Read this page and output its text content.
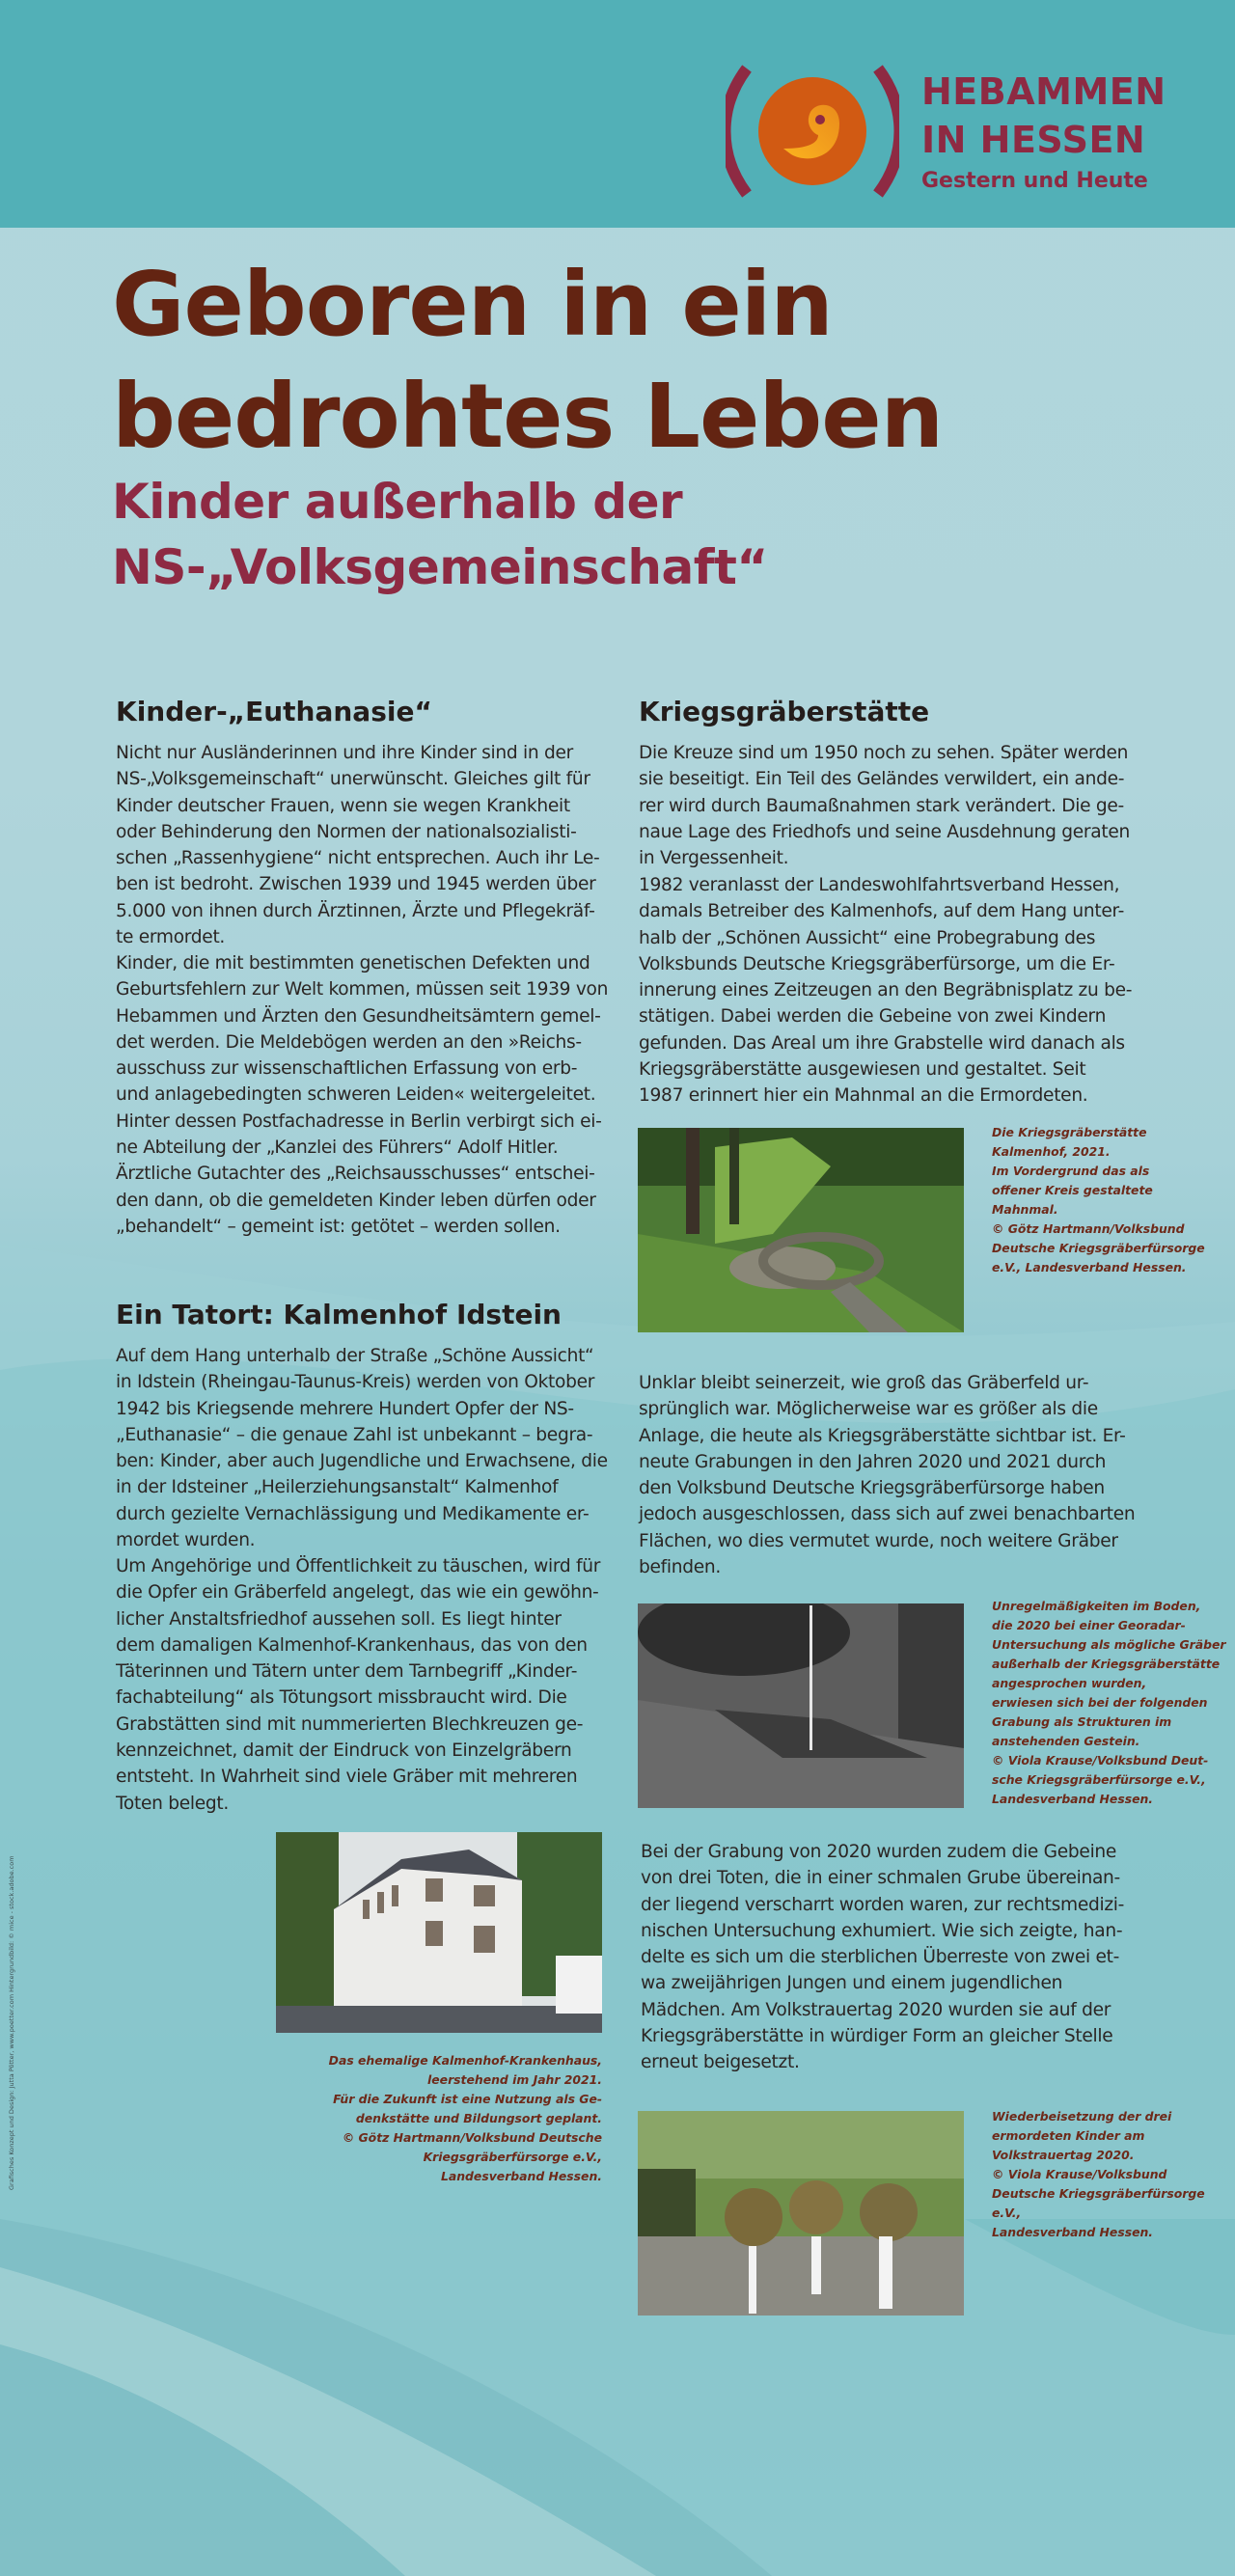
HEBAMMEN
IN HESSEN
Gestern und Heute
Geboren in ein
bedrohtes Leben
Kinder außerhalb der
NS-„Volksgemeinschaft“
Kinder-„Euthanasie“

Nicht nur Ausländerinnen und ihre Kinder sind in der
NS-„Volksgemeinschaft“ unerwünscht. Gleiches gilt für
Kinder deutscher Frauen, wenn sie wegen Krankheit
oder Behinderung den Normen der nationalsozialisti-
schen „Rassenhygiene“ nicht entsprechen. Auch ihr Le-
ben ist bedroht. Zwischen 1939 und 1945 werden über
5.000 von ihnen durch Ärztinnen, Ärzte und Pflegekräf-
te ermordet.

Kinder, die mit bestimmten genetischen Defekten und
Geburtsfehlern zur Welt kommen, müssen seit 1939 von
Hebammen und Ärzten den Gesundheitsämtern gemel-
det werden. Die Meldebögen werden an den »Reichs-
ausschuss zur wissenschaftlichen Erfassung von erb-
und anlagebedingten schweren Leiden« weitergeleitet.
Hinter dessen Postfachadresse in Berlin verbirgt sich ei-
ne Abteilung der „Kanzlei des Führers“ Adolf Hitler.
Ärztliche Gutachter des „Reichsausschusses“ entschei-
den dann, ob die gemeldeten Kinder leben dürfen oder
„behandelt“ – gemeint ist: getötet – werden sollen.

Ein Tatort: Kalmenhof Idstein

Auf dem Hang unterhalb der Straße „Schöne Aussicht“
in Idstein (Rheingau-Taunus-Kreis) werden von Oktober
1942 bis Kriegsende mehrere Hundert Opfer der NS-
„Euthanasie“ – die genaue Zahl ist unbekannt – begra-
ben: Kinder, aber auch Jugendliche und Erwachsene, die
in der Idsteiner „Heilerziehungsanstalt“ Kalmenhof
durch gezielte Vernachlässigung und Medikamente er-
mordet wurden.

Um Angehörige und Öffentlichkeit zu täuschen, wird für
die Opfer ein Gräberfeld angelegt, das wie ein gewöhn-
licher Anstaltsfriedhof aussehen soll. Es liegt hinter
dem damaligen Kalmenhof-Krankenhaus, das von den
Täterinnen und Tätern unter dem Tarnbegriff „Kinder-
fachabteilung“ als Tötungsort missbraucht wird. Die
Grabstätten sind mit nummerierten Blechkreuzen ge-
kennzeichnet, damit der Eindruck von Einzelgräbern
entsteht. In Wahrheit sind viele Gräber mit mehreren
Toten belegt.

Das ehemalige Kalmenhof-Krankenhaus,
leerstehend im Jahr 2021.
Für die Zukunft ist eine Nutzung als Ge-
denkstätte und Bildungsort geplant.
© Götz Hartmann/Volksbund Deutsche
Kriegsgräberfürsorge e.V.,
Landesverband Hessen.

Kriegsgräberstätte

Die Kreuze sind um 1950 noch zu sehen. Später werden
sie beseitigt. Ein Teil des Geländes verwildert, ein ande-
rer wird durch Baumaßnahmen stark verändert. Die ge-
naue Lage des Friedhofs und seine Ausdehnung geraten
in Vergessenheit.

1982 veranlasst der Landeswohlfahrtsverband Hessen,
damals Betreiber des Kalmenhofs, auf dem Hang unter-
halb der „Schönen Aussicht“ eine Probegrabung des
Volksbunds Deutsche Kriegsgräberfürsorge, um die Er-
innerung eines Zeitzeugen an den Begräbnisplatz zu be-
stätigen. Dabei werden die Gebeine von zwei Kindern
gefunden. Das Areal um ihre Grabstelle wird danach als
Kriegsgräberstätte ausgewiesen und gestaltet. Seit
1987 erinnert hier ein Mahnmal an die Ermordeten.

Die Kriegsgräberstätte
Kalmenhof, 2021.
Im Vordergrund das als
offener Kreis gestaltete
Mahnmal.
© Götz Hartmann/Volksbund
Deutsche Kriegsgräberfürsorge
e.V., Landesverband Hessen.

Unklar bleibt seinerzeit, wie groß das Gräberfeld ur-
sprünglich war. Möglicherweise war es größer als die
Anlage, die heute als Kriegsgräberstätte sichtbar ist. Er-
neute Grabungen in den Jahren 2020 und 2021 durch
den Volksbund Deutsche Kriegsgräberfürsorge haben
jedoch ausgeschlossen, dass sich auf zwei benachbarten
Flächen, wo dies vermutet wurde, noch weitere Gräber
befinden.

Unregelmäßigkeiten im Boden,
die 2020 bei einer Georadar-
Untersuchung als mögliche Gräber
außerhalb der Kriegsgräberstätte
angesprochen wurden,
erwiesen sich bei der folgenden
Grabung als Strukturen im
anstehenden Gestein.
© Viola Krause/Volksbund Deut-
sche Kriegsgräberfürsorge e.V.,
Landesverband Hessen.

Bei der Grabung von 2020 wurden zudem die Gebeine
von drei Toten, die in einer schmalen Grube übereinan-
der liegend verscharrt worden waren, zur rechtsmedizi-
nischen Untersuchung exhumiert. Wie sich zeigte, han-
delte es sich um die sterblichen Überreste von zwei et-
wa zweijährigen Jungen und einem jugendlichen
Mädchen. Am Volkstrauertag 2020 wurden sie auf der
Kriegsgräberstätte in würdiger Form an gleicher Stelle
erneut beigesetzt.

Wiederbeisetzung der drei
ermordeten Kinder am
Volkstrauertag 2020.
© Viola Krause/Volksbund
Deutsche Kriegsgräberfürsorge e.V.,
Landesverband Hessen.

Grafisches Konzept und Design: Jutta Pötter, www.poetter.com Hintergrundbild: © mice - stock.adobe.com
